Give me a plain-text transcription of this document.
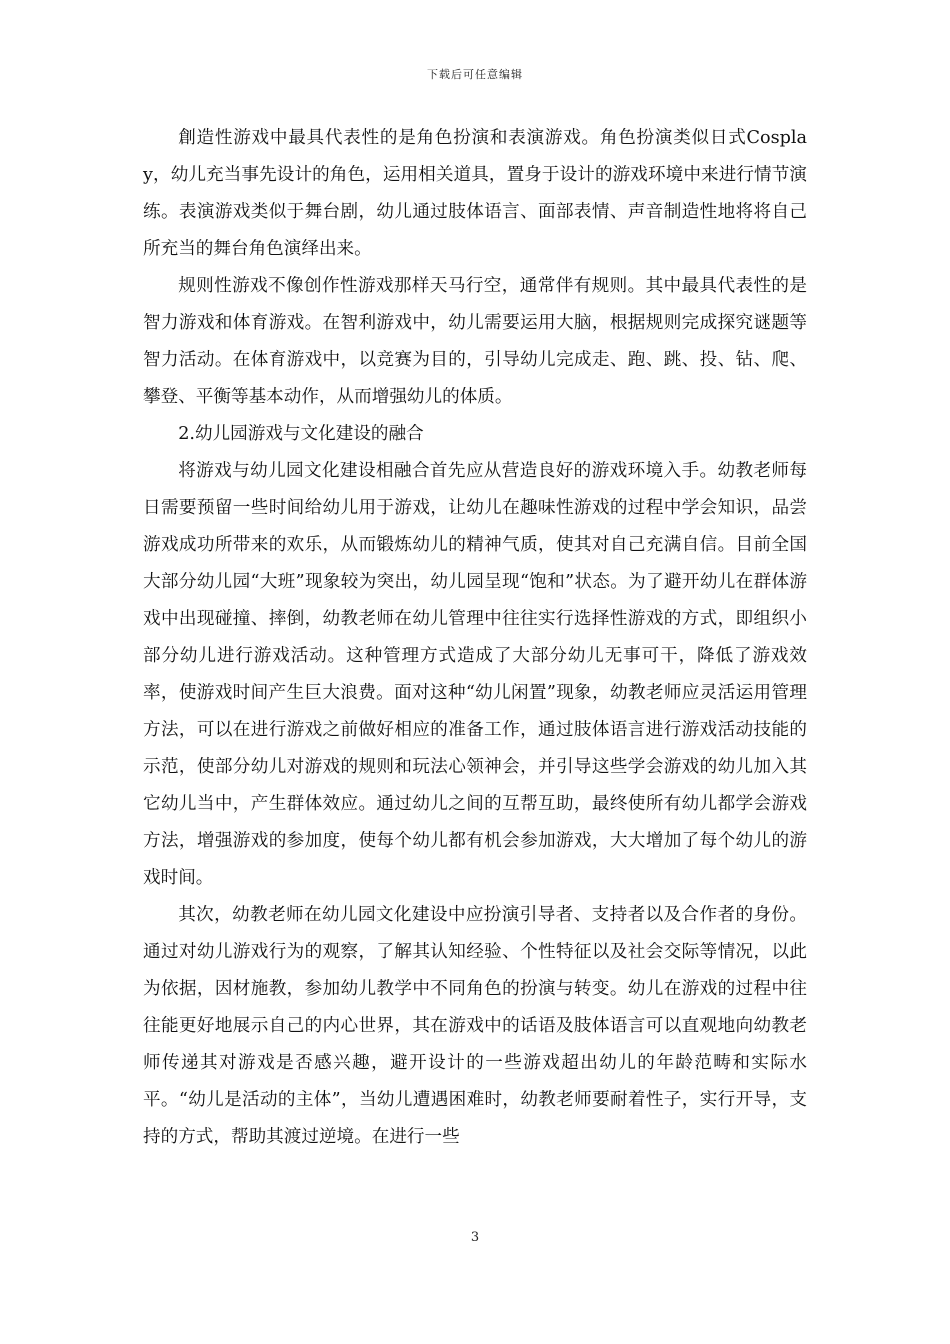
下载后可任意编辑

創造性游戏中最具代表性的是角色扮演和表演游戏。角色扮演类似日式Cosplay，幼儿充当事先设计的角色，运用相关道具，置身于设计的游戏环境中来进行情节演练。表演游戏类似于舞台剧，幼儿通过肢体语言、面部表情、声音制造性地将将自己所充当的舞台角色演绎出来。

规则性游戏不像创作性游戏那样天马行空，通常伴有规则。其中最具代表性的是智力游戏和体育游戏。在智利游戏中，幼儿需要运用大脑，根据规则完成探究谜题等智力活动。在体育游戏中，以竞赛为目的，引导幼儿完成走、跑、跳、投、钻、爬、攀登、平衡等基本动作，从而增强幼儿的体质。

2.幼儿园游戏与文化建设的融合

将游戏与幼儿园文化建设相融合首先应从营造良好的游戏环境入手。幼教老师每日需要预留一些时间给幼儿用于游戏，让幼儿在趣味性游戏的过程中学会知识，品尝游戏成功所带来的欢乐，从而锻炼幼儿的精神气质，使其对自己充满自信。目前全国大部分幼儿园“大班”现象较为突出，幼儿园呈现“饱和”状态。为了避开幼儿在群体游戏中出现碰撞、摔倒，幼教老师在幼儿管理中往往实行选择性游戏的方式，即组织小部分幼儿进行游戏活动。这种管理方式造成了大部分幼儿无事可干，降低了游戏效率，使游戏时间产生巨大浪费。面对这种“幼儿闲置”现象，幼教老师应灵活运用管理方法，可以在进行游戏之前做好相应的准备工作，通过肢体语言进行游戏活动技能的示范，使部分幼儿对游戏的规则和玩法心领神会，并引导这些学会游戏的幼儿加入其它幼儿当中，产生群体效应。通过幼儿之间的互帮互助，最终使所有幼儿都学会游戏方法，增强游戏的参加度，使每个幼儿都有机会参加游戏，大大增加了每个幼儿的游戏时间。

其次，幼教老师在幼儿园文化建设中应扮演引导者、支持者以及合作者的身份。通过对幼儿游戏行为的观察，了解其认知经验、个性特征以及社会交际等情况，以此为依据，因材施教，参加幼儿教学中不同角色的扮演与转变。幼儿在游戏的过程中往往能更好地展示自己的内心世界，其在游戏中的话语及肢体语言可以直观地向幼教老师传递其对游戏是否感兴趣，避开设计的一些游戏超出幼儿的年龄范畴和实际水平。“幼儿是活动的主体”，当幼儿遭遇困难时，幼教老师要耐着性子，实行开导，支持的方式，帮助其渡过逆境。在进行一些

3
